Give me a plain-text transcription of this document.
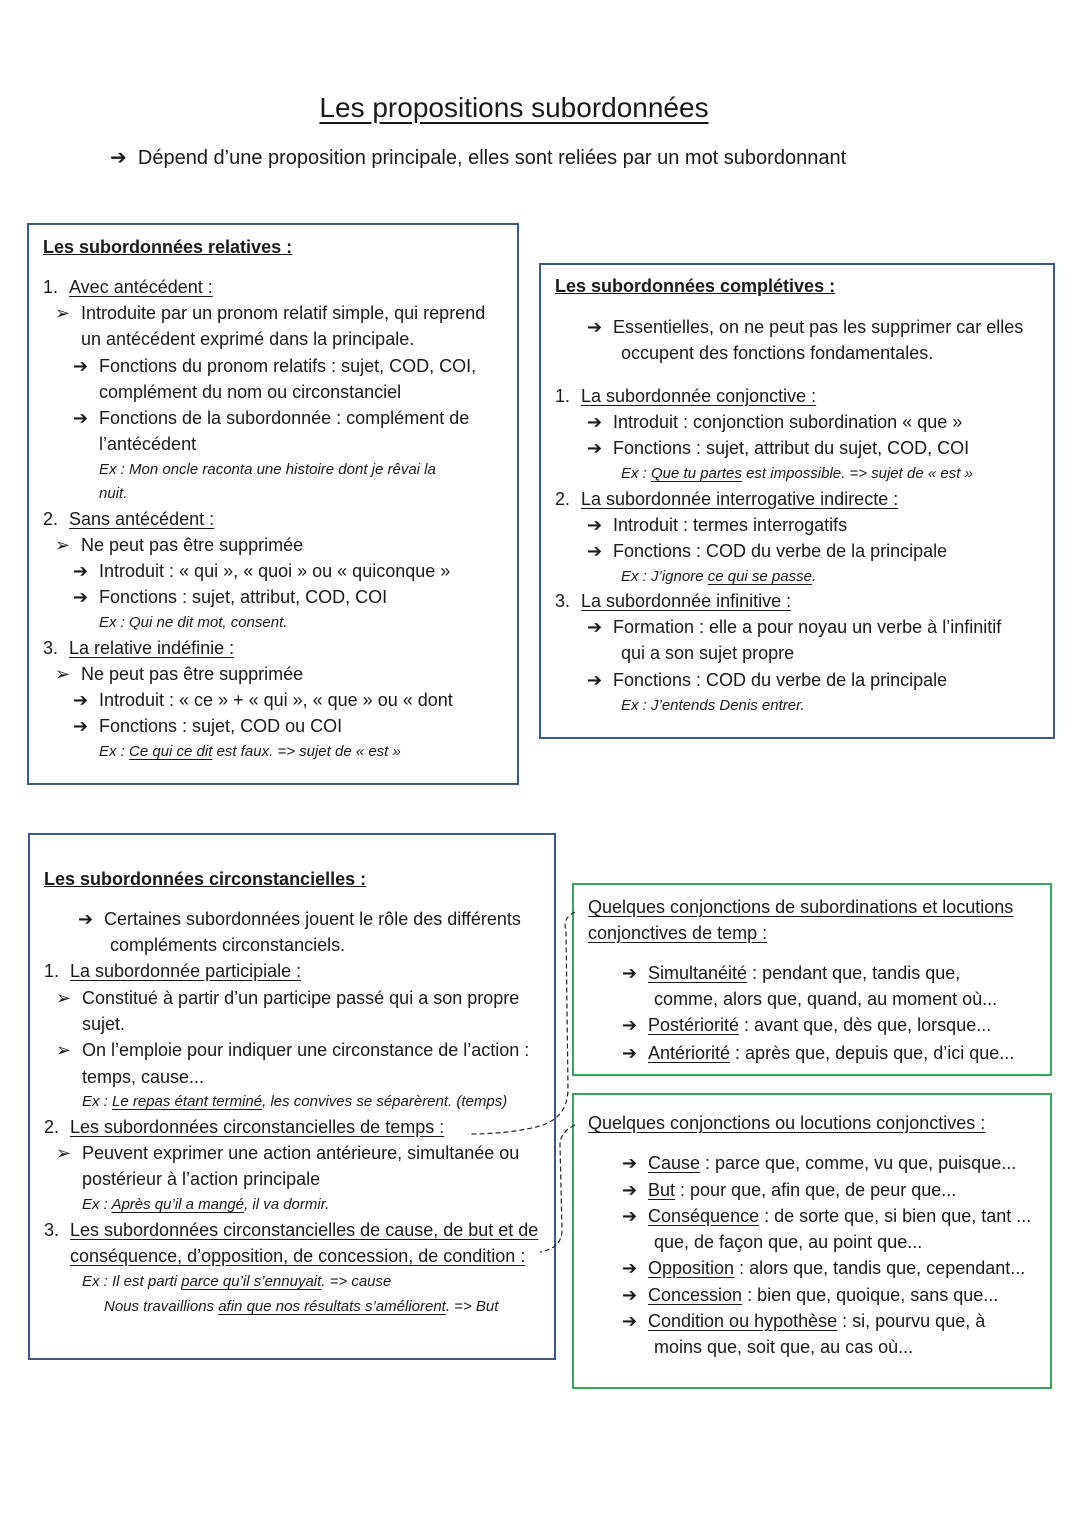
Les propositions subordonnées
➔ Dépend d’une proposition principale, elles sont reliées par un mot subordonnant
Les subordonnées relatives :
1. Avec antécédent :
➢ Introduite par un pronom relatif simple, qui reprend
un antécédent exprimé dans la principale.
➔ Fonctions du pronom relatifs : sujet, COD, COI,
complément du nom ou circonstanciel
➔ Fonctions de la subordonnée : complément de
l’antécédent
Ex : Mon oncle raconta une histoire dont je rêvai la
nuit.
2. Sans antécédent :
➢ Ne peut pas être supprimée
➔ Introduit : « qui », « quoi » ou « quiconque »
➔ Fonctions : sujet, attribut, COD, COI
Ex : Qui ne dit mot, consent.
3. La relative indéfinie :
➢ Ne peut pas être supprimée
➔ Introduit : « ce » + « qui », « que » ou « dont
➔ Fonctions : sujet, COD ou COI
Ex : Ce qui ce dit est faux. => sujet de « est »
Les subordonnées complétives :
➔ Essentielles, on ne peut pas les supprimer car elles
occupent des fonctions fondamentales.
1. La subordonnée conjonctive :
➔ Introduit : conjonction subordination « que »
➔ Fonctions : sujet, attribut du sujet, COD, COI
Ex : Que tu partes est impossible. => sujet de « est »
2. La subordonnée interrogative indirecte :
➔ Introduit : termes interrogatifs
➔ Fonctions : COD du verbe de la principale
Ex : J’ignore ce qui se passe.
3. La subordonnée infinitive :
➔ Formation : elle a pour noyau un verbe à l’infinitif
qui a son sujet propre
➔ Fonctions : COD du verbe de la principale
Ex : J’entends Denis entrer.
Les subordonnées circonstancielles :
➔ Certaines subordonnées jouent le rôle des différents
compléments circonstanciels.
1. La subordonnée participiale :
➢ Constitué à partir d’un participe passé qui a son propre
sujet.
➢ On l’emploie pour indiquer une circonstance de l’action :
temps, cause...
Ex : Le repas étant terminé, les convives se séparèrent. (temps)
2. Les subordonnées circonstancielles de temps :
➢ Peuvent exprimer une action antérieure, simultanée ou
postérieur à l’action principale
Ex : Après qu’il a mangé, il va dormir.
3. Les subordonnées circonstancielles de cause, de but et de
conséquence, d’opposition, de concession, de condition :
Ex : Il est parti parce qu’il s’ennuyait. => cause
Nous travaillions afin que nos résultats s’améliorent. => But
Quelques conjonctions de subordinations et locutions
conjonctives de temp :
➔ Simultanéité : pendant que, tandis que,
comme, alors que, quand, au moment où...
➔ Postériorité : avant que, dès que, lorsque...
➔ Antériorité : après que, depuis que, d’ici que...
Quelques conjonctions ou locutions conjonctives :
➔ Cause : parce que, comme, vu que, puisque...
➔ But : pour que, afin que, de peur que...
➔ Conséquence : de sorte que, si bien que, tant ...
que, de façon que, au point que...
➔ Opposition : alors que, tandis que, cependant...
➔ Concession : bien que, quoique, sans que...
➔ Condition ou hypothèse : si, pourvu que, à
moins que, soit que, au cas où...
